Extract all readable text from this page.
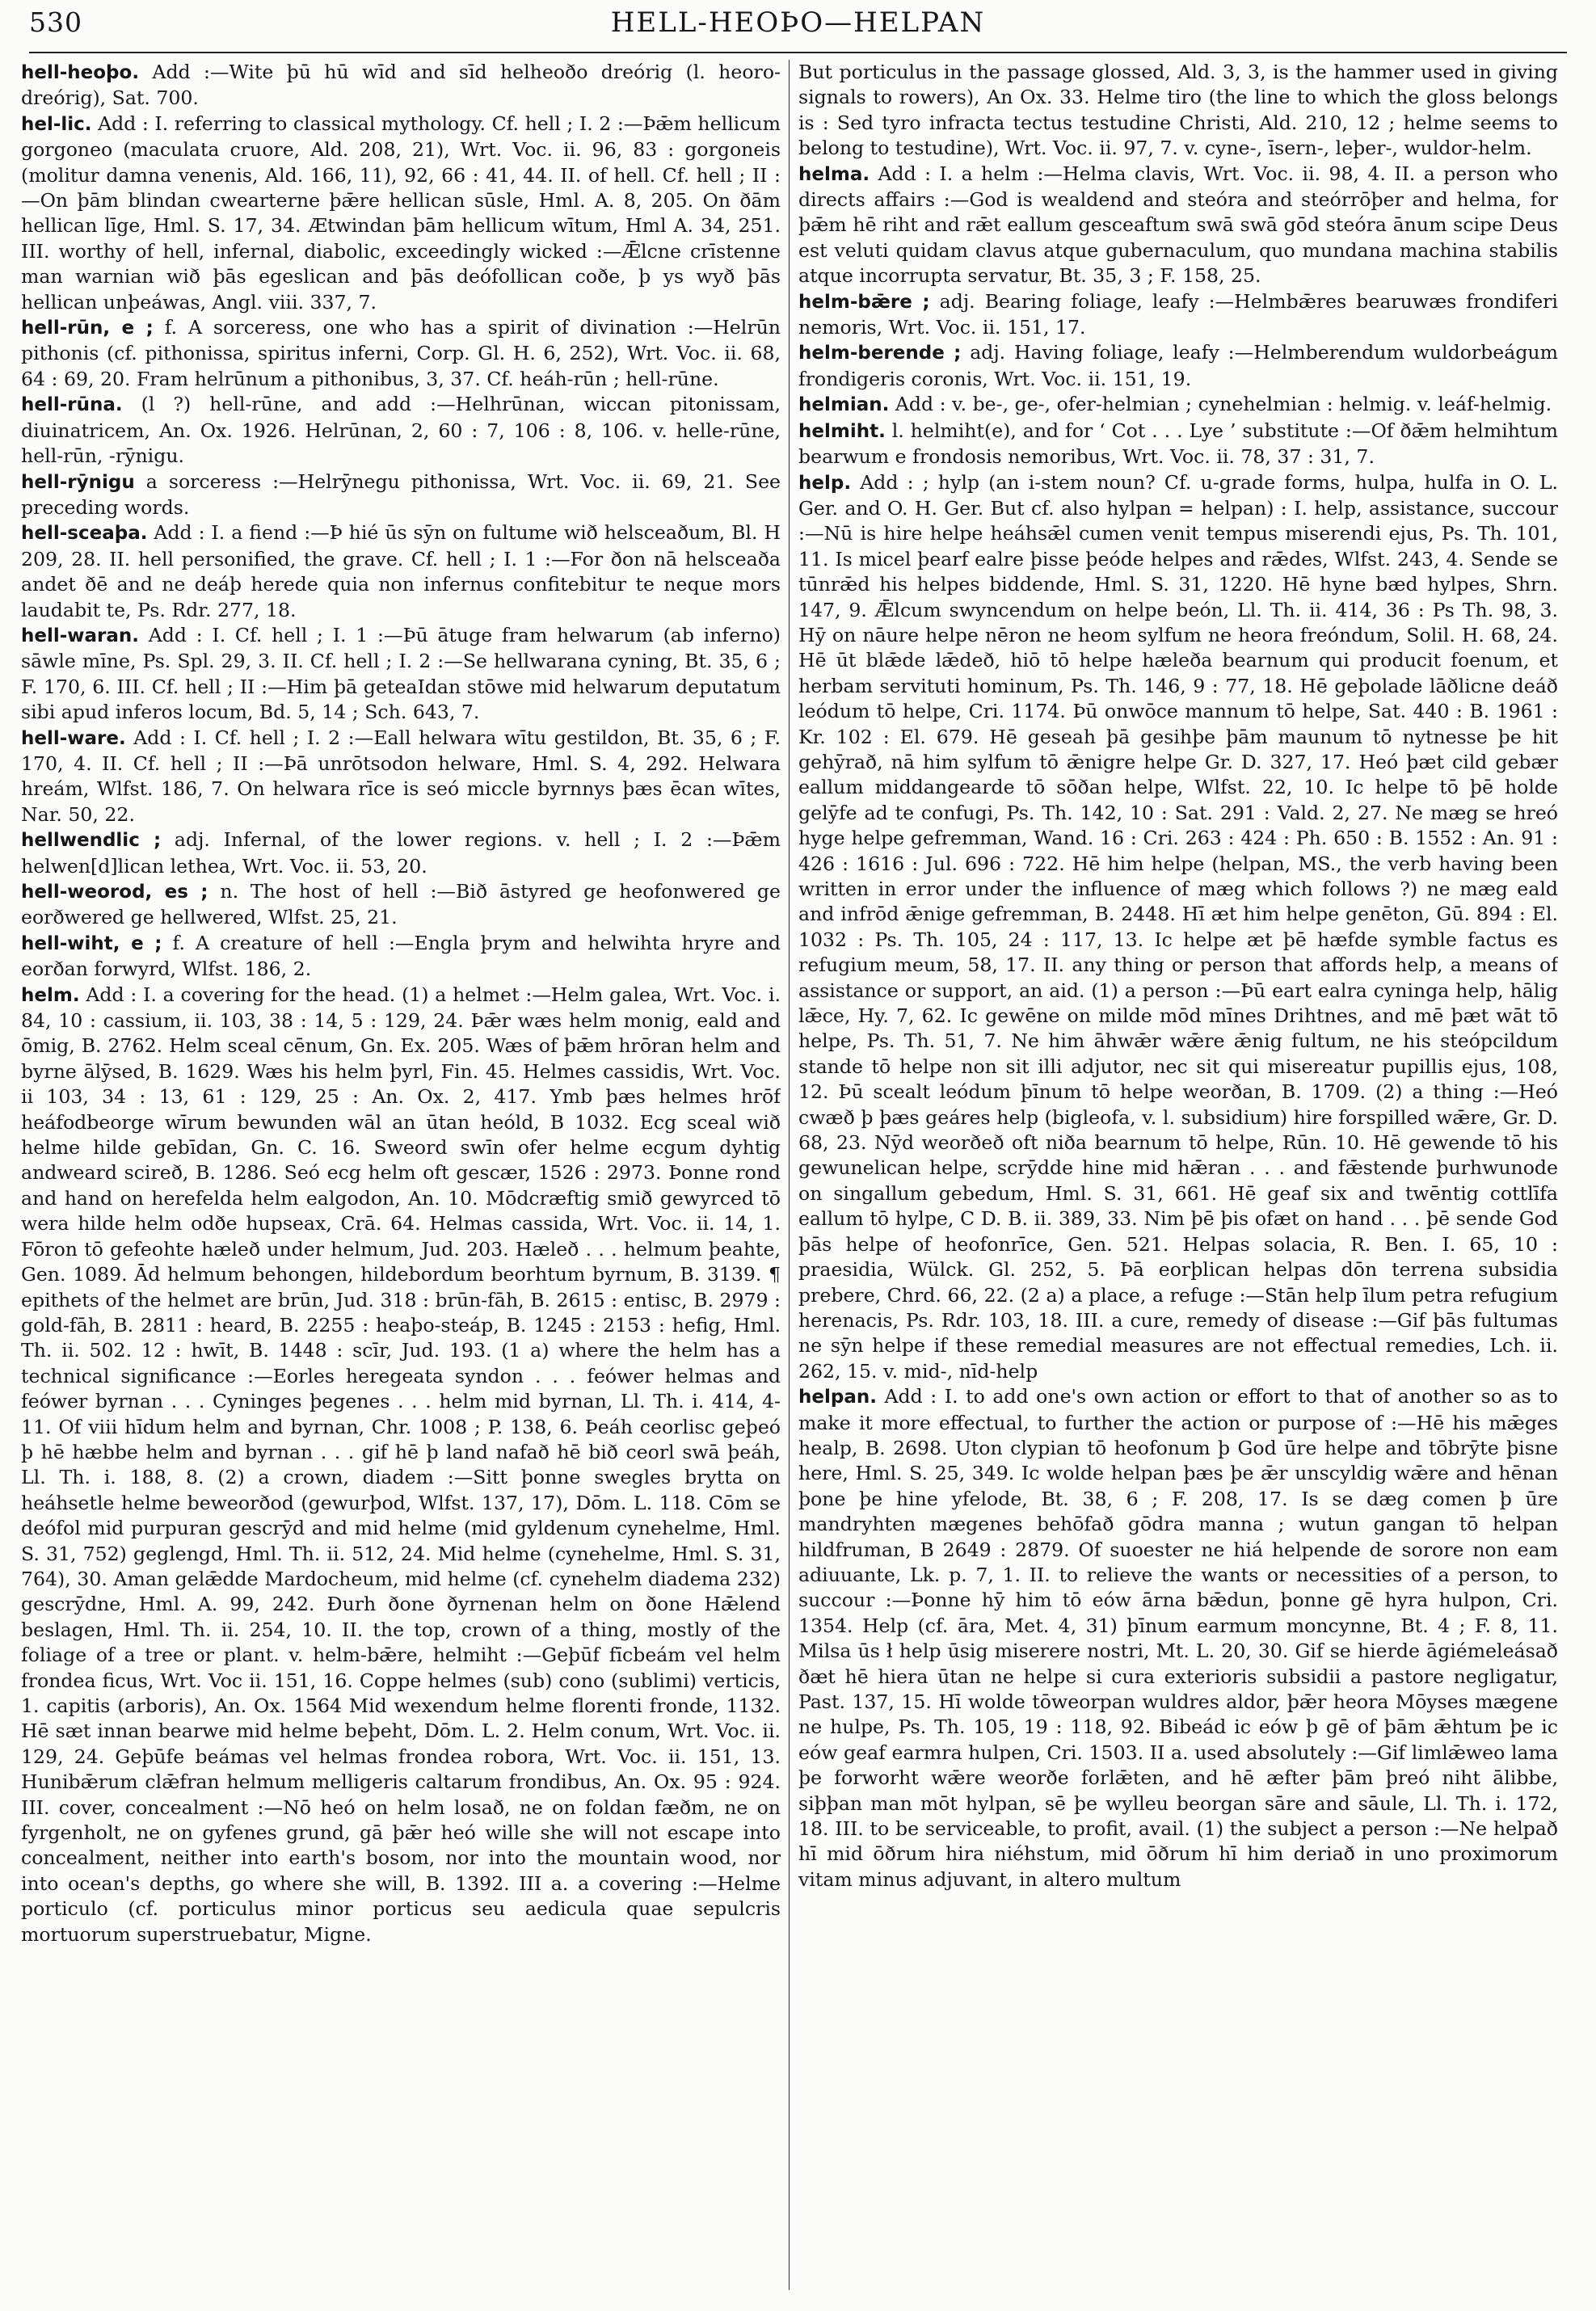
530	HELL-HEOÞO—HELPAN

hell-heoþo. Add :—Wite þū hū wīd and sīd helheoðo dreórig (l. heoro-dreórig), Sat. 700.

hel-lic. Add : I. referring to classical mythology. Cf. hell ; I. 2 :—Þǣm hellicum gorgoneo (maculata cruore, Ald. 208, 21), Wrt. Voc. ii. 96, 83 : gorgoneis (molitur damna venenis, Ald. 166, 11), 92, 66 : 41, 44. II. of hell. Cf. hell ; II :—On þām blindan cwearterne þǣre hellican sūsle, Hml. A. 8, 205. On ðām hellican līge, Hml. S. 17, 34. Ætwindan þām hellicum wītum, Hml A. 34, 251. III. worthy of hell, infernal, diabolic, exceedingly wicked :—Ǣlcne crīstenne man warnian wið þās egeslican and þās deófollican coðe, þ ys wyð þās hellican unþeáwas, Angl. viii. 337, 7.

hell-rūn, e ; f. A sorceress, one who has a spirit of divination :—Helrūn pithonis (cf. pithonissa, spiritus inferni, Corp. Gl. H. 6, 252), Wrt. Voc. ii. 68, 64 : 69, 20. Fram helrūnum a pithonibus, 3, 37. Cf. heáh-rūn ; hell-rūne.

hell-rūna. (l ?) hell-rūne, and add :—Helhrūnan, wiccan pitonissam, diuinatricem, An. Ox. 1926. Helrūnan, 2, 60 : 7, 106 : 8, 106. v. helle-rūne, hell-rūn, -rȳnigu.

hell-rȳnigu a sorceress :—Helrȳnegu pithonissa, Wrt. Voc. ii. 69, 21. See preceding words.

hell-sceaþa. Add : I. a fiend :—Þ hié ūs sȳn on fultume wið helsceaðum, Bl. H 209, 28. II. hell personified, the grave. Cf. hell ; I. 1 :—For ðon nā helsceaða andet ðē and ne deáþ herede quia non infernus confitebitur te neque mors laudabit te, Ps. Rdr. 277, 18.

hell-waran. Add : I. Cf. hell ; I. 1 :—Þū ātuge fram helwarum (ab inferno) sāwle mīne, Ps. Spl. 29, 3. II. Cf. hell ; I. 2 :—Se hellwarana cyning, Bt. 35, 6 ; F. 170, 6. III. Cf. hell ; II :—Him þā geteaIdan stōwe mid helwarum deputatum sibi apud inferos locum, Bd. 5, 14 ; Sch. 643, 7.

hell-ware. Add : I. Cf. hell ; I. 2 :—Eall helwara wītu gestildon, Bt. 35, 6 ; F. 170, 4. II. Cf. hell ; II :—Þā unrōtsodon helware, Hml. S. 4, 292. Helwara hreám, Wlfst. 186, 7. On helwara rīce is seó miccle byrnnys þæs ēcan wītes, Nar. 50, 22.

hellwendlic ; adj. Infernal, of the lower regions. v. hell ; I. 2 :—Þǣm helwen[d]lican lethea, Wrt. Voc. ii. 53, 20.

hell-weorod, es ; n. The host of hell :—Bið āstyred ge heofonwered ge eorðwered ge hellwered, Wlfst. 25, 21.

hell-wiht, e ; f. A creature of hell :—Engla þrym and helwihta hryre and eorðan forwyrd, Wlfst. 186, 2.

helm. Add : I. a covering for the head. (1) a helmet :—Helm galea, Wrt. Voc. i. 84, 10 : cassium, ii. 103, 38 : 14, 5 : 129, 24. Þǣr wæs helm monig, eald and ōmig, B. 2762. Helm sceal cēnum, Gn. Ex. 205. Wæs of þǣm hrōran helm and byrne ālȳsed, B. 1629. Wæs his helm þyrl, Fin. 45. Helmes cassidis, Wrt. Voc. ii 103, 34 : 13, 61 : 129, 25 : An. Ox. 2, 417. Ymb þæs helmes hrōf heáfodbeorge wīrum bewunden wāl an ūtan heóld, B 1032. Ecg sceal wið helme hilde gebīdan, Gn. C. 16. Sweord swīn ofer helme ecgum dyhtig andweard scireð, B. 1286. Seó ecg helm oft gescær, 1526 : 2973. Þonne rond and hand on herefelda helm ealgodon, An. 10. Mōdcræftig smið gewyrced tō wera hilde helm odðe hupseax, Crā. 64. Helmas cassida, Wrt. Voc. ii. 14, 1. Fōron tō gefeohte hæleð under helmum, Jud. 203. Hæleð . . . helmum þeahte, Gen. 1089. Ād helmum behongen, hildebordum beorhtum byrnum, B. 3139. ¶ epithets of the helmet are brūn, Jud. 318 : brūn-fāh, B. 2615 : entisc, B. 2979 : gold-fāh, B. 2811 : heard, B. 2255 : heaþo-steáp, B. 1245 : 2153 : hefig, Hml. Th. ii. 502. 12 : hwīt, B. 1448 : scīr, Jud. 193. (1 a) where the helm has a technical significance :—Eorles heregeata syndon . . . feówer helmas and feówer byrnan . . . Cyninges þegenes . . . helm mid byrnan, Ll. Th. i. 414, 4-11. Of viii hīdum helm and byrnan, Chr. 1008 ; P. 138, 6. Þeáh ceorlisc geþeó þ hē hæbbe helm and byrnan . . . gif hē þ land nafað hē bið ceorl swā þeáh, Ll. Th. i. 188, 8. (2) a crown, diadem :—Sitt þonne swegles brytta on heáhsetle helme beweorðod (gewurþod, Wlfst. 137, 17), Dōm. L. 118. Cōm se deófol mid purpuran gescrȳd and mid helme (mid gyldenum cynehelme, Hml. S. 31, 752) geglengd, Hml. Th. ii. 512, 24. Mid helme (cynehelme, Hml. S. 31, 764), 30. Aman gelǣdde Mardocheum, mid helme (cf. cynehelm diadema 232) gescrȳdne, Hml. A. 99, 242. Ðurh ðone ðyrnenan helm on ðone Hǣlend beslagen, Hml. Th. ii. 254, 10. II. the top, crown of a thing, mostly of the foliage of a tree or plant. v. helm-bǣre, helmiht :—Geþūf fīcbeám vel helm frondea ficus, Wrt. Voc ii. 151, 16. Coppe helmes (sub) cono (sublimi) verticis, 1. capitis (arboris), An. Ox. 1564 Mid wexendum helme florenti fronde, 1132. Hē sæt innan bearwe mid helme beþeht, Dōm. L. 2. Helm conum, Wrt. Voc. ii. 129, 24. Geþūfe beámas vel helmas frondea robora, Wrt. Voc. ii. 151, 13. Hunibǣrum clǣfran helmum melligeris caltarum frondibus, An. Ox. 95 : 924. III. cover, concealment :—Nō heó on helm losað, ne on foldan fæðm, ne on fyrgenholt, ne on gyfenes grund, gā þǣr heó wille she will not escape into concealment, neither into earth's bosom, nor into the mountain wood, nor into ocean's depths, go where she will, B. 1392. III a. a covering :—Helme porticulo (cf. porticulus minor porticus seu aedicula quae sepulcris mortuorum superstruebatur, Migne.

But porticulus in the passage glossed, Ald. 3, 3, is the hammer used in giving signals to rowers), An Ox. 33. Helme tiro (the line to which the gloss belongs is : Sed tyro infracta tectus testudine Christi, Ald. 210, 12 ; helme seems to belong to testudine), Wrt. Voc. ii. 97, 7. v. cyne-, īsern-, leþer-, wuldor-helm.

helma. Add : I. a helm :—Helma clavis, Wrt. Voc. ii. 98, 4. II. a person who directs affairs :—God is wealdend and steóra and steórrōþer and helma, for þǣm hē riht and rǣt eallum gesceaftum swā swā gōd steóra ānum scipe Deus est veluti quidam clavus atque gubernaculum, quo mundana machina stabilis atque incorrupta servatur, Bt. 35, 3 ; F. 158, 25.

helm-bǣre ; adj. Bearing foliage, leafy :—Helmbǣres bearuwæs frondiferi nemoris, Wrt. Voc. ii. 151, 17.

helm-berende ; adj. Having foliage, leafy :—Helmberendum wuldorbeágum frondigeris coronis, Wrt. Voc. ii. 151, 19.

helmian. Add : v. be-, ge-, ofer-helmian ; cynehelmian : helmig. v. leáf-helmig.

helmiht. l. helmiht(e), and for ‘ Cot . . . Lye ’ substitute :—Of ðǣm helmihtum bearwum e frondosis nemoribus, Wrt. Voc. ii. 78, 37 : 31, 7.

help. Add : ; hylp (an i-stem noun? Cf. u-grade forms, hulpa, hulfa in O. L. Ger. and O. H. Ger. But cf. also hylpan = helpan) : I. help, assistance, succour :—Nū is hire helpe heáhsǣl cumen venit tempus miserendi ejus, Ps. Th. 101, 11. Is micel þearf ealre þisse þeóde helpes and rǣdes, Wlfst. 243, 4. Sende se tūnrǣd his helpes biddende, Hml. S. 31, 1220. Hē hyne bæd hylpes, Shrn. 147, 9. Ǣlcum swyncendum on helpe beón, Ll. Th. ii. 414, 36 : Ps Th. 98, 3. Hȳ on nāure helpe nēron ne heom sylfum ne heora freóndum, Solil. H. 68, 24. Hē ūt blǣde lǣdeð, hiō tō helpe hæleða bearnum qui producit foenum, et herbam servituti hominum, Ps. Th. 146, 9 : 77, 18. Hē geþolade lāðlicne deáð leódum tō helpe, Cri. 1174. Þū onwōce mannum tō helpe, Sat. 440 : B. 1961 : Kr. 102 : El. 679. Hē geseah þā gesihþe þām maunum tō nytnesse þe hit gehȳrað, nā him sylfum tō ǣnigre helpe Gr. D. 327, 17. Heó þæt cild gebær eallum middangearde tō sōðan helpe, Wlfst. 22, 10. Ic helpe tō þē holde gelȳfe ad te confugi, Ps. Th. 142, 10 : Sat. 291 : Vald. 2, 27. Ne mæg se hreó hyge helpe gefremman, Wand. 16 : Cri. 263 : 424 : Ph. 650 : B. 1552 : An. 91 : 426 : 1616 : Jul. 696 : 722. Hē him helpe (helpan, MS., the verb having been written in error under the influence of mæg which follows ?) ne mæg eald and infrōd ǣnige gefremman, B. 2448. Hī æt him helpe genēton, Gū. 894 : El. 1032 : Ps. Th. 105, 24 : 117, 13. Ic helpe æt þē hæfde symble factus es refugium meum, 58, 17. II. any thing or person that affords help, a means of assistance or support, an aid. (1) a person :—Þū eart ealra cyninga help, hālig lǣce, Hy. 7, 62. Ic gewēne on milde mōd mīnes Drihtnes, and mē þæt wāt tō helpe, Ps. Th. 51, 7. Ne him āhwǣr wǣre ǣnig fultum, ne his steópcildum stande tō helpe non sit illi adjutor, nec sit qui misereatur pupillis ejus, 108, 12. Þū scealt leódum þīnum tō helpe weorðan, B. 1709. (2) a thing :—Heó cwæð þ þæs geáres help (bigleofa, v. l. subsidium) hire forspilled wǣre, Gr. D. 68, 23. Nȳd weorðeð oft niða bearnum tō helpe, Rūn. 10. Hē gewende tō his gewunelican helpe, scrȳdde hine mid hǣran . . . and fǣstende þurhwunode on singallum gebedum, Hml. S. 31, 661. Hē geaf six and twēntig cottlīfa eallum tō hylpe, C D. B. ii. 389, 33. Nim þē þis ofæt on hand . . . þē sende God þās helpe of heofonrīce, Gen. 521. Helpas solacia, R. Ben. I. 65, 10 : praesidia, Wülck. Gl. 252, 5. Þā eorþlican helpas dōn terrena subsidia prebere, Chrd. 66, 22. (2 a) a place, a refuge :—Stān help īlum petra refugium herenacis, Ps. Rdr. 103, 18. III. a cure, remedy of disease :—Gif þās fultumas ne sȳn helpe if these remedial measures are not effectual remedies, Lch. ii. 262, 15. v. mid-, nīd-help

helpan. Add : I. to add one's own action or effort to that of another so as to make it more effectual, to further the action or purpose of :—Hē his mǣges healp, B. 2698. Uton clypian tō heofonum þ God ūre helpe and tōbrȳte þisne here, Hml. S. 25, 349. Ic wolde helpan þæs þe ǣr unscyldig wǣre and hēnan þone þe hine yfelode, Bt. 38, 6 ; F. 208, 17. Is se dæg comen þ ūre mandryhten mægenes behōfað gōdra manna ; wutun gangan tō helpan hildfruman, B 2649 : 2879. Of suoester ne hiá helpende de sorore non eam adiuuante, Lk. p. 7, 1. II. to relieve the wants or necessities of a person, to succour :—Þonne hȳ him tō eów ārna bǣdun, þonne gē hyra hulpon, Cri. 1354. Help (cf. āra, Met. 4, 31) þīnum earmum moncynne, Bt. 4 ; F. 8, 11. Milsa ūs ł help ūsig miserere nostri, Mt. L. 20, 30. Gif se hierde āgiémeleásað ðæt hē hiera ūtan ne helpe si cura exterioris subsidii a pastore negligatur, Past. 137, 15. Hī wolde tōweorpan wuldres aldor, þǣr heora Mōyses mægene ne hulpe, Ps. Th. 105, 19 : 118, 92. Bibeád ic eów þ gē of þām ǣhtum þe ic eów geaf earmra hulpen, Cri. 1503. II a. used absolutely :—Gif limlǣweo lama þe forworht wǣre weorðe forlǣten, and hē æfter þām þreó niht ālibbe, siþþan man mōt hylpan, sē þe wylleu beorgan sāre and sāule, Ll. Th. i. 172, 18. III. to be serviceable, to profit, avail. (1) the subject a person :—Ne helpað hī mid ōðrum hira niéhstum, mid ōðrum hī him deriað in uno proximorum vitam minus adjuvant, in altero multum
